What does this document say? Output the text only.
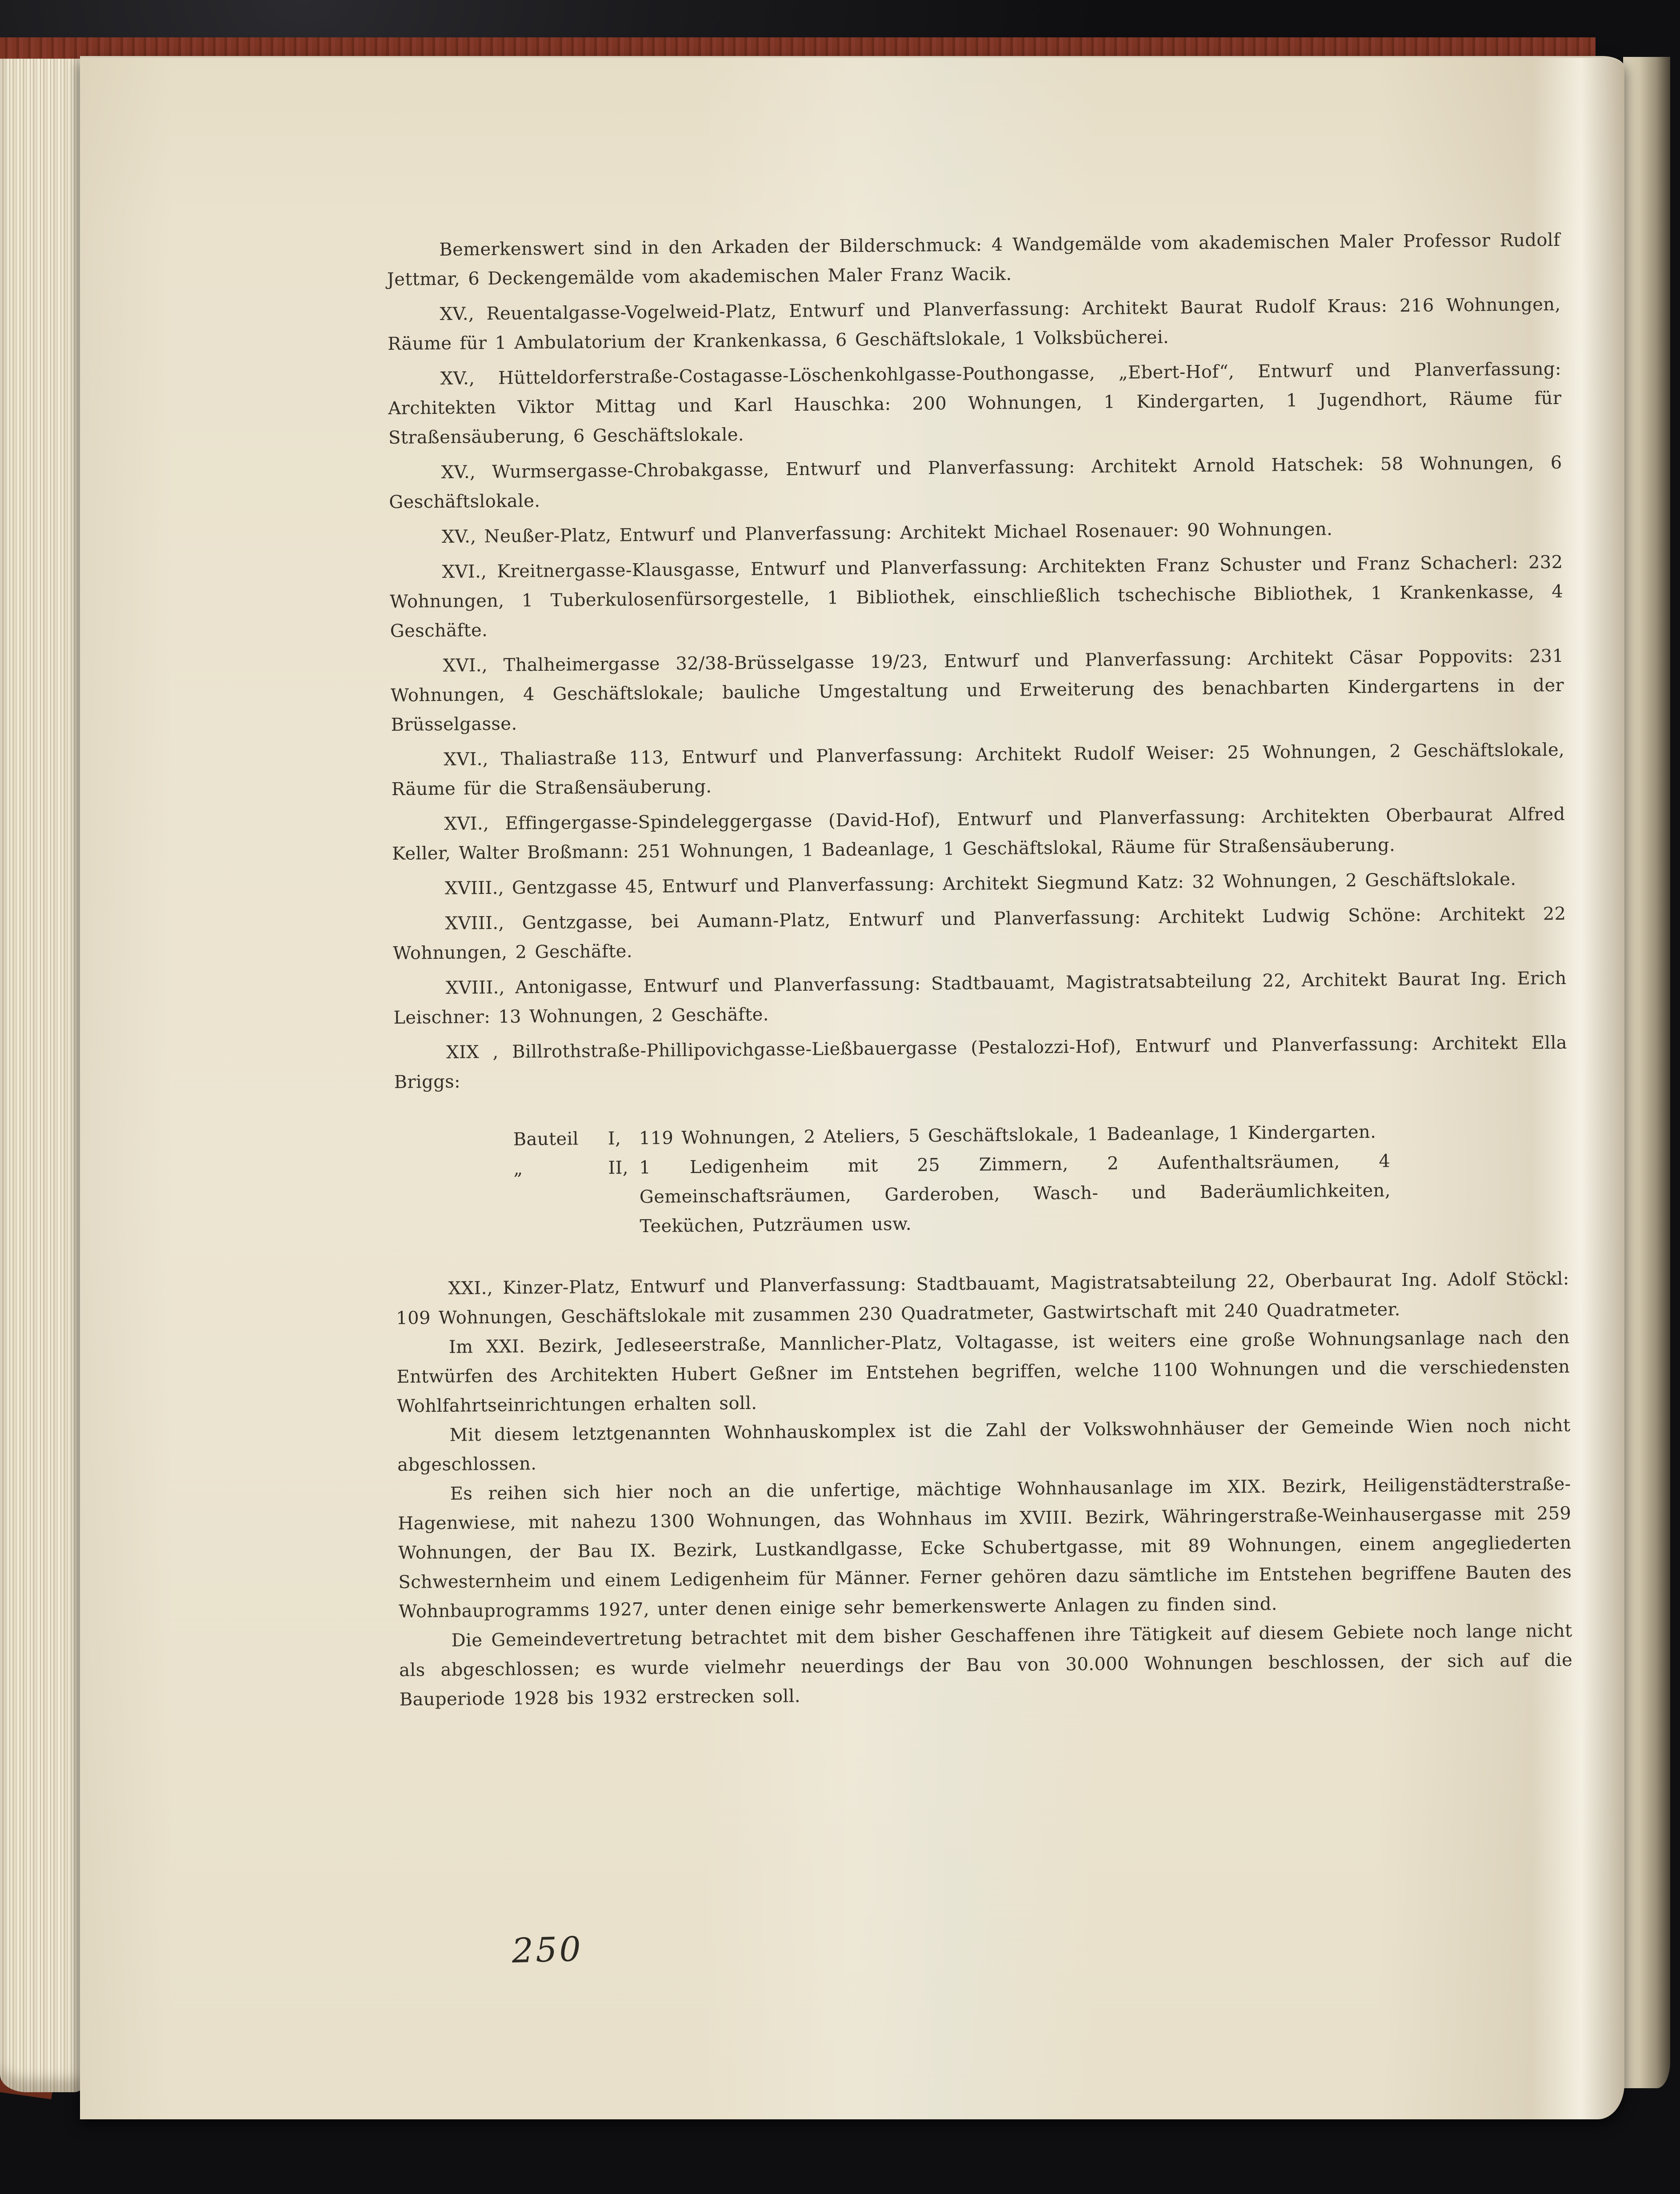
Bemerkenswert sind in den Arkaden der Bilderschmuck: 4 Wandgemälde vom akademischen Maler Professor Rudolf Jettmar, 6 Deckengemälde vom akademischen Maler Franz Wacik.

XV., Reuentalgasse-Vogelweid-Platz, Entwurf und Planverfassung: Architekt Baurat Rudolf Kraus: 216 Wohnungen, Räume für 1 Ambulatorium der Krankenkassa, 6 Geschäftslokale, 1 Volksbücherei.

XV., Hütteldorferstraße-Costagasse-Löschenkohlgasse-Pouthongasse, „Ebert-Hof“, Entwurf und Planverfassung: Architekten Viktor Mittag und Karl Hauschka: 200 Wohnungen, 1 Kindergarten, 1 Jugendhort, Räume für Straßensäuberung, 6 Geschäftslokale.

XV., Wurmsergasse-Chrobakgasse, Entwurf und Planverfassung: Architekt Arnold Hatschek: 58 Wohnungen, 6 Geschäftslokale.

XV., Neußer-Platz, Entwurf und Planverfassung: Architekt Michael Rosenauer: 90 Wohnungen.

XVI., Kreitnergasse-Klausgasse, Entwurf und Planverfassung: Architekten Franz Schuster und Franz Schacherl: 232 Wohnungen, 1 Tuberkulosenfürsorgestelle, 1 Bibliothek, einschließlich tschechische Bibliothek, 1 Krankenkasse, 4 Geschäfte.

XVI., Thalheimergasse 32/38-Brüsselgasse 19/23, Entwurf und Planverfassung: Architekt Cäsar Poppovits: 231 Wohnungen, 4 Geschäftslokale; bauliche Umgestaltung und Erweiterung des benachbarten Kindergartens in der Brüsselgasse.

XVI., Thaliastraße 113, Entwurf und Planverfassung: Architekt Rudolf Weiser: 25 Wohnungen, 2 Geschäftslokale, Räume für die Straßensäuberung.

XVI., Effingergasse-Spindeleggergasse (David-Hof), Entwurf und Planverfassung: Architekten Oberbaurat Alfred Keller, Walter Broßmann: 251 Wohnungen, 1 Badeanlage, 1 Geschäftslokal, Räume für Straßensäuberung.

XVIII., Gentzgasse 45, Entwurf und Planverfassung: Architekt Siegmund Katz: 32 Wohnungen, 2 Geschäftslokale.

XVIII., Gentzgasse, bei Aumann-Platz, Entwurf und Planverfassung: Architekt Ludwig Schöne: Architekt 22 Wohnungen, 2 Geschäfte.

XVIII., Antonigasse, Entwurf und Planverfassung: Stadtbauamt, Magistratsabteilung 22, Architekt Baurat Ing. Erich Leischner: 13 Wohnungen, 2 Geschäfte.

XIX , Billrothstraße-Phillipovichgasse-Ließbauergasse (Pestalozzi-Hof), Entwurf und Planverfassung: Architekt Ella Briggs:

Bauteil	I,	119 Wohnungen, 2 Ateliers, 5 Geschäftslokale, 1 Badeanlage, 1 Kindergarten.
„	II, 1 Ledigenheim mit 25 Zimmern, 2 Aufenthaltsräumen, 4 Gemeinschaftsräumen, Garderoben, Wasch- und Baderäumlichkeiten, Teeküchen, Putzräumen usw.

XXI., Kinzer-Platz, Entwurf und Planverfassung: Stadtbauamt, Magistratsabteilung 22, Oberbaurat Ing. Adolf Stöckl: 109 Wohnungen, Geschäftslokale mit zusammen 230 Quadratmeter, Gastwirtschaft mit 240 Quadratmeter.

Im XXI. Bezirk, Jedleseerstraße, Mannlicher-Platz, Voltagasse, ist weiters eine große Wohnungsanlage nach den Entwürfen des Architekten Hubert Geßner im Entstehen begriffen, welche 1100 Wohnungen und die verschiedensten Wohlfahrtseinrichtungen erhalten soll.

Mit diesem letztgenannten Wohnhauskomplex ist die Zahl der Volkswohnhäuser der Gemeinde Wien noch nicht abgeschlossen.

Es reihen sich hier noch an die unfertige, mächtige Wohnhausanlage im XIX. Bezirk, Heiligenstädterstraße-Hagenwiese, mit nahezu 1300 Wohnungen, das Wohnhaus im XVIII. Bezirk, Währingerstraße-Weinhausergasse mit 259 Wohnungen, der Bau IX. Bezirk, Lustkandlgasse, Ecke Schubertgasse, mit 89 Wohnungen, einem angegliederten Schwesternheim und einem Ledigenheim für Männer. Ferner gehören dazu sämtliche im Entstehen begriffene Bauten des Wohnbauprogramms 1927, unter denen einige sehr bemerkenswerte Anlagen zu finden sind.

Die Gemeindevertretung betrachtet mit dem bisher Geschaffenen ihre Tätigkeit auf diesem Gebiete noch lange nicht als abgeschlossen; es wurde vielmehr neuerdings der Bau von 30.000 Wohnungen beschlossen, der sich auf die Bauperiode 1928 bis 1932 erstrecken soll.

250
